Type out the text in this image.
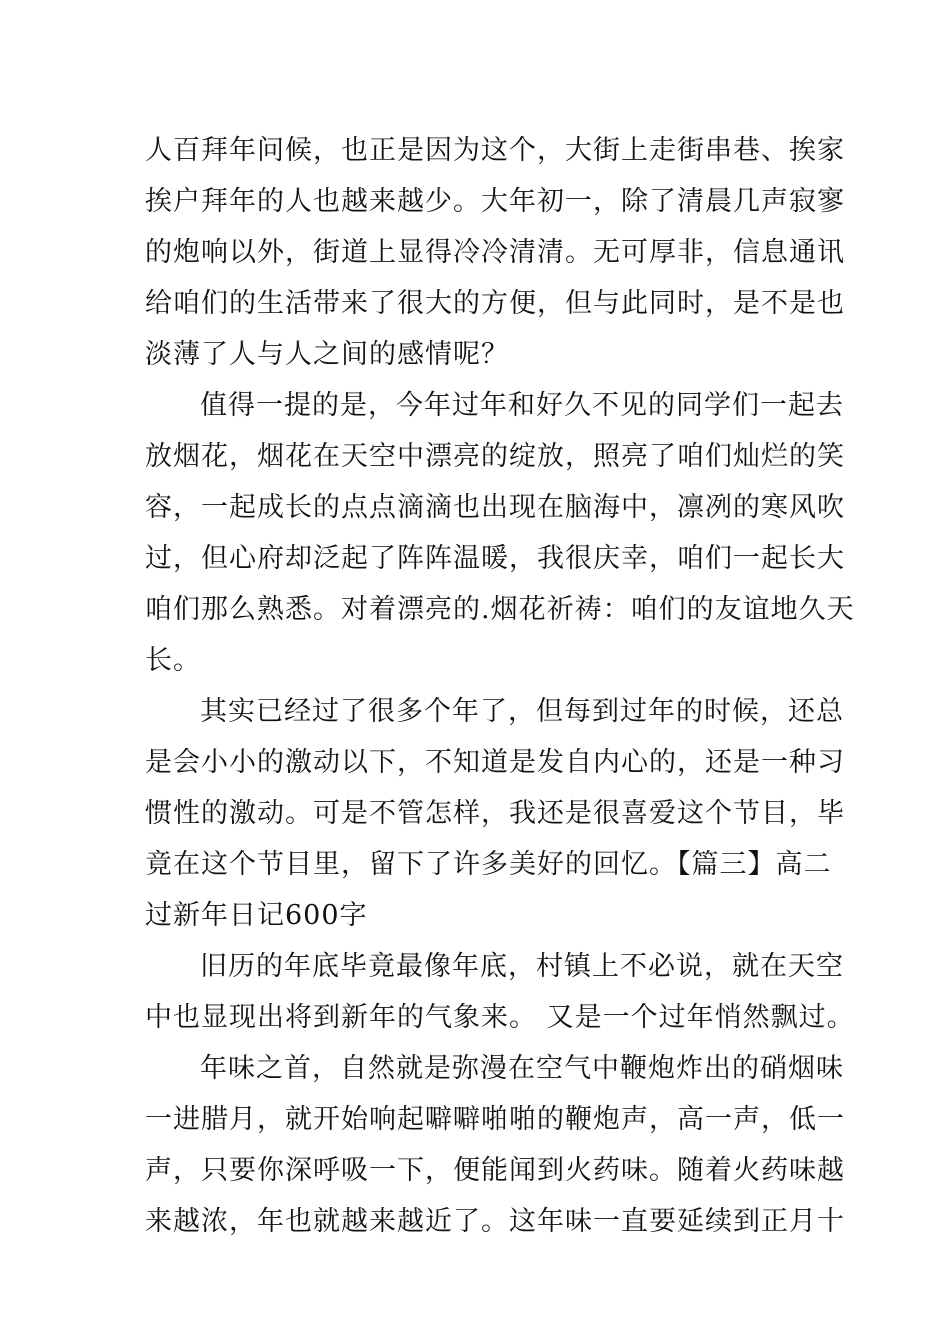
人百拜年问候，也正是因为这个，大街上走街串巷、挨家
挨户拜年的人也越来越少。大年初一，除了清晨几声寂寥
的炮响以外，街道上显得冷冷清清。无可厚非，信息通讯
给咱们的生活带来了很大的方便，但与此同时，是不是也
淡薄了人与人之间的感情呢？
值得一提的是，今年过年和好久不见的同学们一起去
放烟花，烟花在天空中漂亮的绽放，照亮了咱们灿烂的笑
容，一起成长的点点滴滴也出现在脑海中，凛冽的寒风吹
过，但心府却泛起了阵阵温暖，我很庆幸，咱们一起长大
咱们那么熟悉。对着漂亮的.烟花祈祷：咱们的友谊地久天
长。
其实已经过了很多个年了，但每到过年的时候，还总
是会小小的激动以下，不知道是发自内心的，还是一种习
惯性的激动。可是不管怎样，我还是很喜爱这个节目，毕
竟在这个节目里，留下了许多美好的回忆。【篇三】高二
过新年日记600字
旧历的年底毕竟最像年底，村镇上不必说，就在天空
中也显现出将到新年的气象来。 又是一个过年悄然飘过。
年味之首，自然就是弥漫在空气中鞭炮炸出的硝烟味
一进腊月，就开始响起噼噼啪啪的鞭炮声，高一声，低一
声，只要你深呼吸一下，便能闻到火药味。随着火药味越
来越浓，年也就越来越近了。这年味一直要延续到正月十
